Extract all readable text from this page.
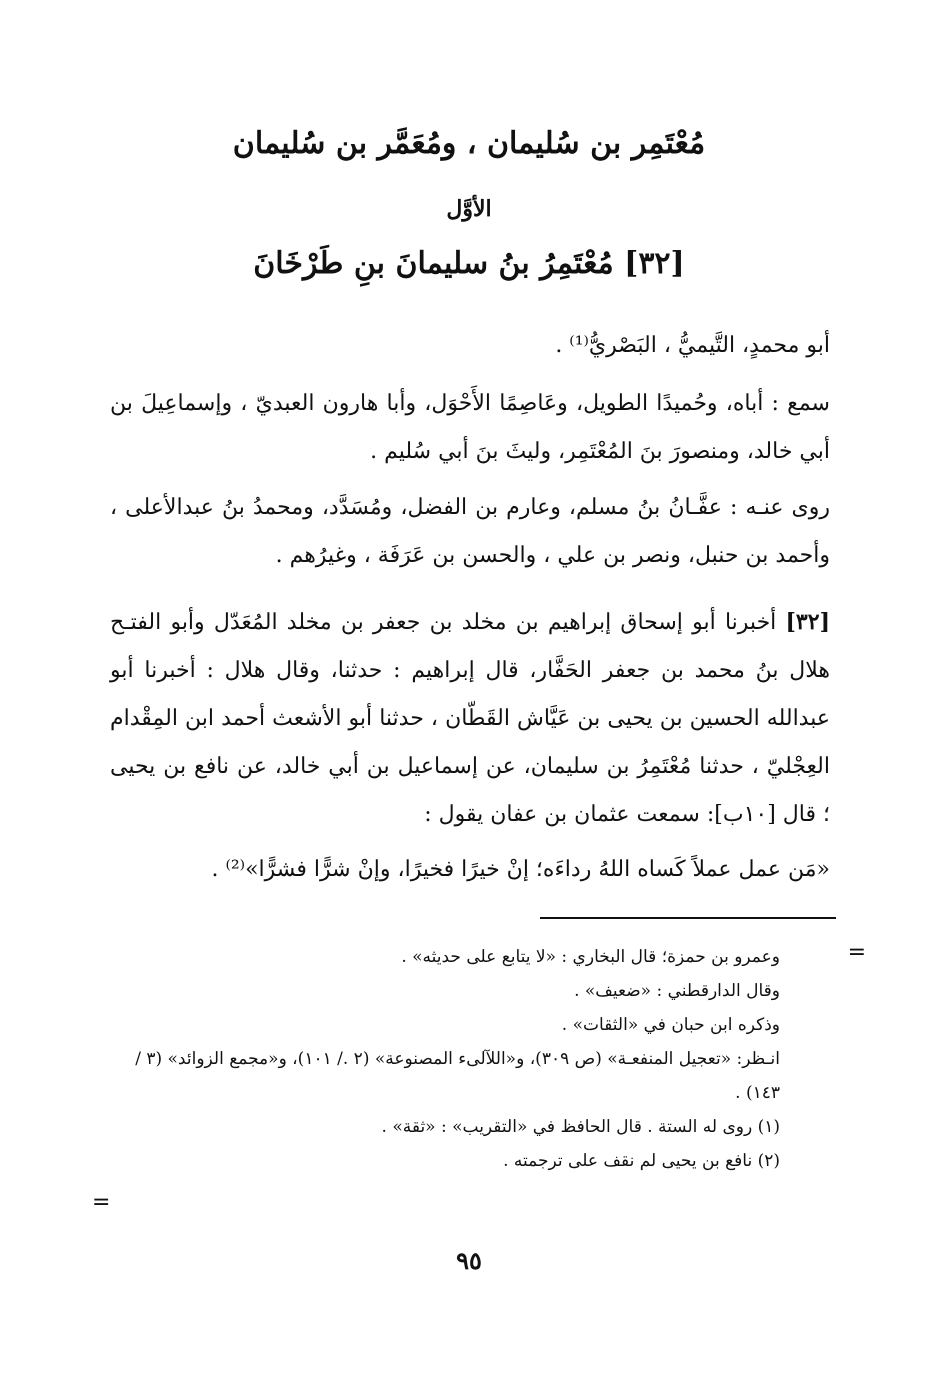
مُعْتَمِر بن سُليمان ، ومُعَمَّر بن سُليمان
الأوَّل
[٣٢] مُعْتَمِرُ بنُ سليمانَ بنِ طَرْخَانَ

أبو محمدٍ، التَّيميُّ ، البَصْريُّ⁽¹⁾ .

سمع : أباه، وحُميدًا الطويل، وعَاصِمًا الأَحْوَل، وأبا هارون العبديّ ، وإسماعِيلَ بن أبي خالد، ومنصورَ بنَ المُعْتَمِر، وليثَ بنَ أبي سُليم .

روى عنـه : عفَّـانُ بنُ مسلم، وعارم بن الفضل، ومُسَدَّد، ومحمدُ بنُ عبدالأعلى ، وأحمد بن حنبل، ونصر بن علي ، والحسن بن عَرَفَة ، وغيرُهم .

[٣٢] أخبرنا أبو إسحاق إبراهيم بن مخلد بن جعفر بن مخلد المُعَدّل وأبو الفتـح هلال بنُ محمد بن جعفر الحَفَّار، قال إبراهيم : حدثنا، وقال هلال : أخبرنا أبو عبدالله الحسين بن يحيى بن عَيَّاش القَطّان ، حدثنا أبو الأشعث أحمد ابن المِقْدام العِجْليّ ، حدثنا مُعْتَمِرُ بن سليمان، عن إسماعيل بن أبي خالد، عن نافع بن يحيى ؛ قال [١٠ب]: سمعت عثمان بن عفان يقول :

«مَن عمل عملاً كَساه اللهُ رداءَه؛ إنْ خيرًا فخيرًا، وإنْ شرًّا فشرًّا»⁽²⁾ .

=
وعمرو بن حمزة؛ قال البخاري : «لا يتابع على حديثه» .
وقال الدارقطني : «ضعيف» .
وذكره ابن حبان في «الثقات» .
انـظر: «تعجيل المنفعـة» (ص ٣٠٩)، و«اللآلىء المصنوعة» (٢ ./ ١٠١)، و«مجمع الزوائد» (٣ / ١٤٣) .
(١) روى له الستة . قال الحافظ في «التقريب» : «ثقة» .
(٢) نافع بن يحيى لم نقف على ترجمته .
=
٩٥
